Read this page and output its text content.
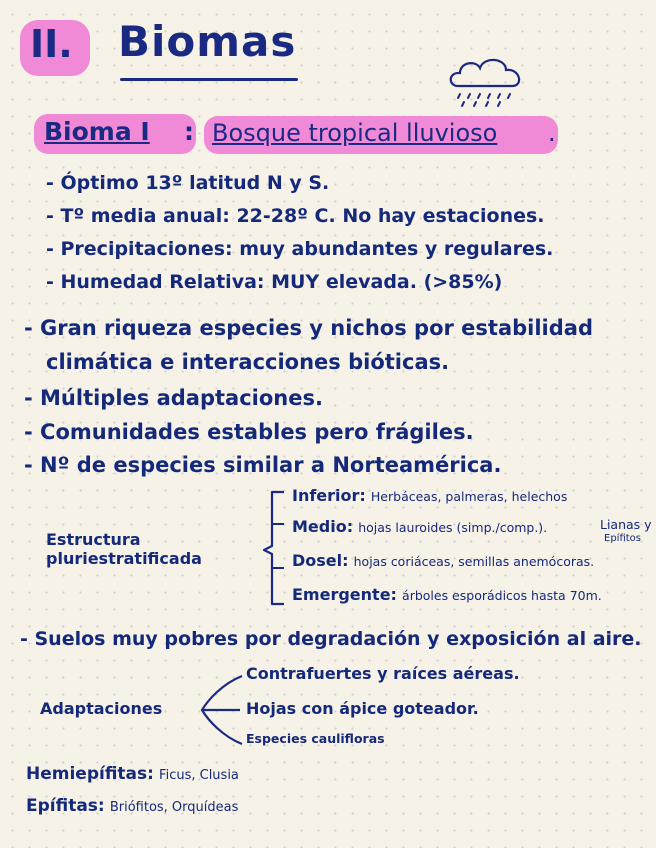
II. Biomas
Bioma I : Bosque tropical lluvioso .
- Óptimo 13º latitud N y S.
- Tº media anual: 22-28º C. No hay estaciones.
- Precipitaciones: muy abundantes y regulares.
- Humedad Relativa: MUY elevada. (>85%)
- Gran riqueza especies y nichos por estabilidad
climática e interacciones bióticas.
- Múltiples adaptaciones.
- Comunidades estables pero frágiles.
- Nº de especies similar a Norteamérica.
Estructura
pluriestratificada
Inferior: Herbáceas, palmeras, helechos
Medio: hojas lauroides (simp./comp.).	Lianas y
Epífitos
Dosel: hojas coriáceas, semillas anemócoras.
Emergente: árboles esporádicos hasta 70m.
- Suelos muy pobres por degradación y exposición al aire.
Adaptaciones
Contrafuertes y raíces aéreas.
Hojas con ápice goteador.
Especies caulifloras
Hemiepífitas: Ficus, Clusia
Epífitas: Briófitos, Orquídeas
